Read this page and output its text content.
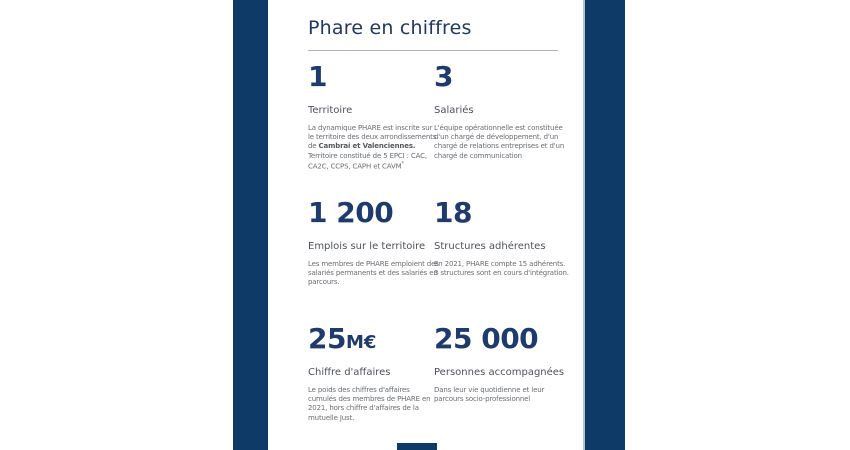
Phare en chiffres
1
Territoire
La dynamique PHARE est inscrite sur le territoire des deux arrondissements de Cambrai et Valenciennes. Territoire constitué de 5 EPCI : CAC, CA2C, CCPS, CAPH et CAVM*
3
Salariés
L'équipe opérationnelle est constituée d'un chargé de développement, d'un chargé de relations entreprises et d'un chargé de communication
1 200
Emplois sur le territoire
Les membres de PHARE emploient des salariés permanents et des salariés en parcours.
18
Structures adhérentes
En 2021, PHARE compte 15 adhérents. 3 structures sont en cours d'intégration.
25M€
Chiffre d'affaires
Le poids des chiffres d'affaires cumulés des membres de PHARE en 2021, hors chiffre d'affaires de la mutuelle Just.
25 000
Personnes accompagnées
Dans leur vie quotidienne et leur parcours socio-professionnel
